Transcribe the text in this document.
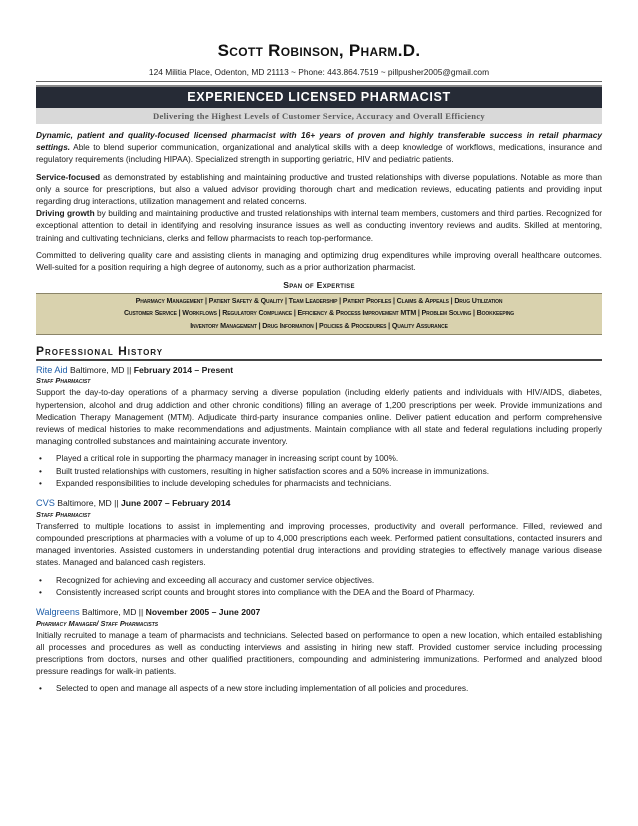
Scott Robinson, Pharm.D.
124 Militia Place, Odenton, MD 21113 ~ Phone: 443.864.7519 ~ pillpusher2005@gmail.com
EXPERIENCED LICENSED PHARMACIST
Delivering the Highest Levels of Customer Service, Accuracy and Overall Efficiency

Dynamic, patient and quality-focused licensed pharmacist with 16+ years of proven and highly transferable success in retail pharmacy settings. Able to blend superior communication, organizational and analytical skills with a deep knowledge of workflows, medications, insurance and regulatory requirements (including HIPAA). Specialized strength in supporting geriatric, HIV and pediatric patients.

Service-focused as demonstrated by establishing and maintaining productive and trusted relationships with diverse populations. Notable as more than only a source for prescriptions, but also a valued advisor providing thorough chart and medication reviews, educating patients and providing input regarding drug interactions, utilization management and related concerns.

Driving growth by building and maintaining productive and trusted relationships with internal team members, customers and third parties. Recognized for exceptional attention to detail in identifying and resolving insurance issues as well as conducting inventory reviews and audits. Skilled at mentoring, training and cultivating technicians, clerks and fellow pharmacists to reach top-performance.

Committed to delivering quality care and assisting clients in managing and optimizing drug expenditures while improving overall healthcare outcomes. Well-suited for a position requiring a high degree of autonomy, such as a prior authorization pharmacist.

Span of Expertise
Pharmacy Management | Patient Safety & Quality | Team Leadership | Patient Profiles | Claims & Appeals | Drug Utilization
Customer Service | Workflows | Regulatory Compliance | Efficiency & Process Improvement MTM | Problem Solving | Bookkeeping
Inventory Management | Drug Information | Policies & Procedures | Quality Assurance
Professional History
Rite Aid Baltimore, MD || February 2014 – Present
Staff Pharmacist

Support the day-to-day operations of a pharmacy serving a diverse population (including elderly patients and individuals with HIV/AIDS, diabetes, hypertension, alcohol and drug addiction and other chronic conditions) filling an average of 1,200 prescriptions per week. Provide immunizations and Medication Therapy Management (MTM). Adjudicate third-party insurance companies online. Deliver patient education and perform comprehensive reviews of medical histories to make recommendations and adjustments. Maintain compliance with all state and federal regulations including properly managing controlled substances and maintaining accurate inventory.

• Played a critical role in supporting the pharmacy manager in increasing script count by 100%.
• Built trusted relationships with customers, resulting in higher satisfaction scores and a 50% increase in immunizations.
• Expanded responsibilities to include developing schedules for pharmacists and technicians.
CVS Baltimore, MD || June 2007 – February 2014
Staff Pharmacist

Transferred to multiple locations to assist in implementing and improving processes, productivity and overall performance. Filled, reviewed and compounded prescriptions at pharmacies with a volume of up to 4,000 prescriptions each week. Performed patient consultations, contacted insurers and managed inventories. Assisted customers in understanding potential drug interactions and providing strategies to effectively manage various disease states. Managed and balanced cash registers.

• Recognized for achieving and exceeding all accuracy and customer service objectives.
• Consistently increased script counts and brought stores into compliance with the DEA and the Board of Pharmacy.
Walgreens Baltimore, MD || November 2005 – June 2007
Pharmacy Manager/ Staff Pharmacists

Initially recruited to manage a team of pharmacists and technicians. Selected based on performance to open a new location, which entailed establishing all processes and procedures as well as conducting interviews and assisting in hiring new staff. Provided customer service including processing prescriptions from doctors, nurses and other qualified practitioners, compounding and administering immunizations. Performed and analyzed blood pressure readings for walk-in patients.

• Selected to open and manage all aspects of a new store including implementation of all policies and procedures.
